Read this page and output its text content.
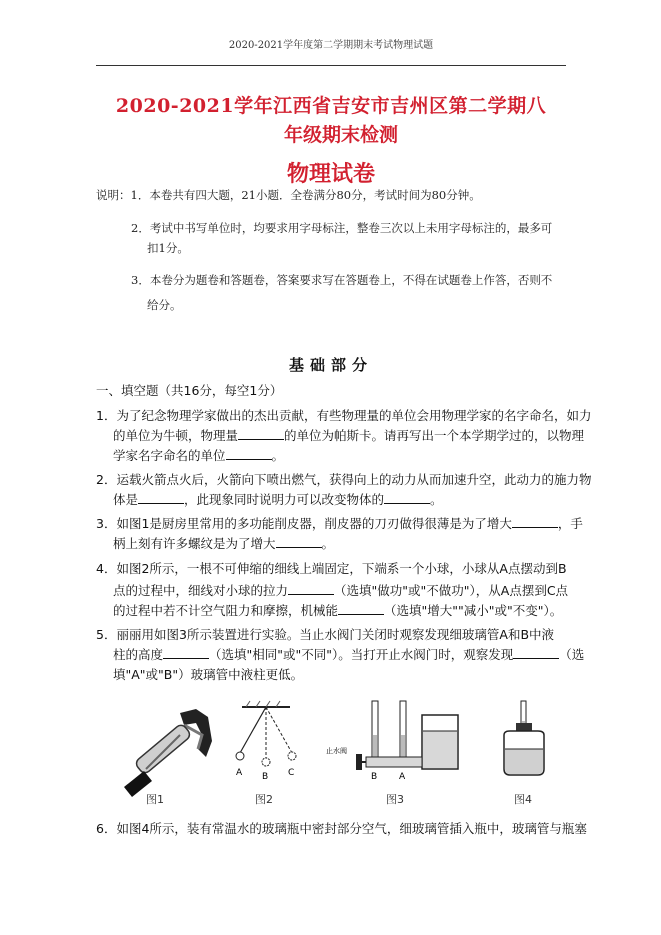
2020-2021学年度第二学期期末考试物理试题
2020-2021学年江西省吉安市吉州区第二学期八
年级期末检测
物理试卷
说明：1．本卷共有四大题，21小题．全卷满分80分，考试时间为80分钟。
2．考试中书写单位时，均要求用字母标注，整卷三次以上未用字母标注的，最多可
扣1分。
3．本卷分为题卷和答题卷，答案要求写在答题卷上，不得在试题卷上作答，否则不
给分。
基础部分
一、填空题（共16分，每空1分）
1．为了纪念物理学家做出的杰出贡献，有些物理量的单位会用物理学家的名字命名，如力
的单位为牛顿，物理量	的单位为帕斯卡。请再写出一个本学期学过的，以物理
学家名字命名的单位	。
2．运载火箭点火后，火箭向下喷出燃气，获得向上的动力从而加速升空，此动力的施力物
体是	，此现象同时说明力可以改变物体的	。
3．如图1是厨房里常用的多功能削皮器，削皮器的刀刃做得很薄是为了增大	，手
柄上刻有许多螺纹是为了增大	。
4．如图2所示，一根不可伸缩的细线上端固定，下端系一个小球，小球从A点摆动到B
点的过程中，细线对小球的拉力	（选填"做功"或"不做功"），从A点摆到C点
的过程中若不计空气阻力和摩擦，机械能	（选填"增大""减小"或"不变"）。
5．丽丽用如图3所示装置进行实验。当止水阀门关闭时观察发现细玻璃管A和B中液
柱的高度	（选填"相同"或"不同"）。当打开止水阀门时，观察发现	（选
填"A"或"B"）玻璃管中液柱更低。
图1
A B C
图2
止水阀
B A
图3	图4
6．如图4所示，装有常温水的玻璃瓶中密封部分空气，细玻璃管插入瓶中，玻璃管与瓶塞
